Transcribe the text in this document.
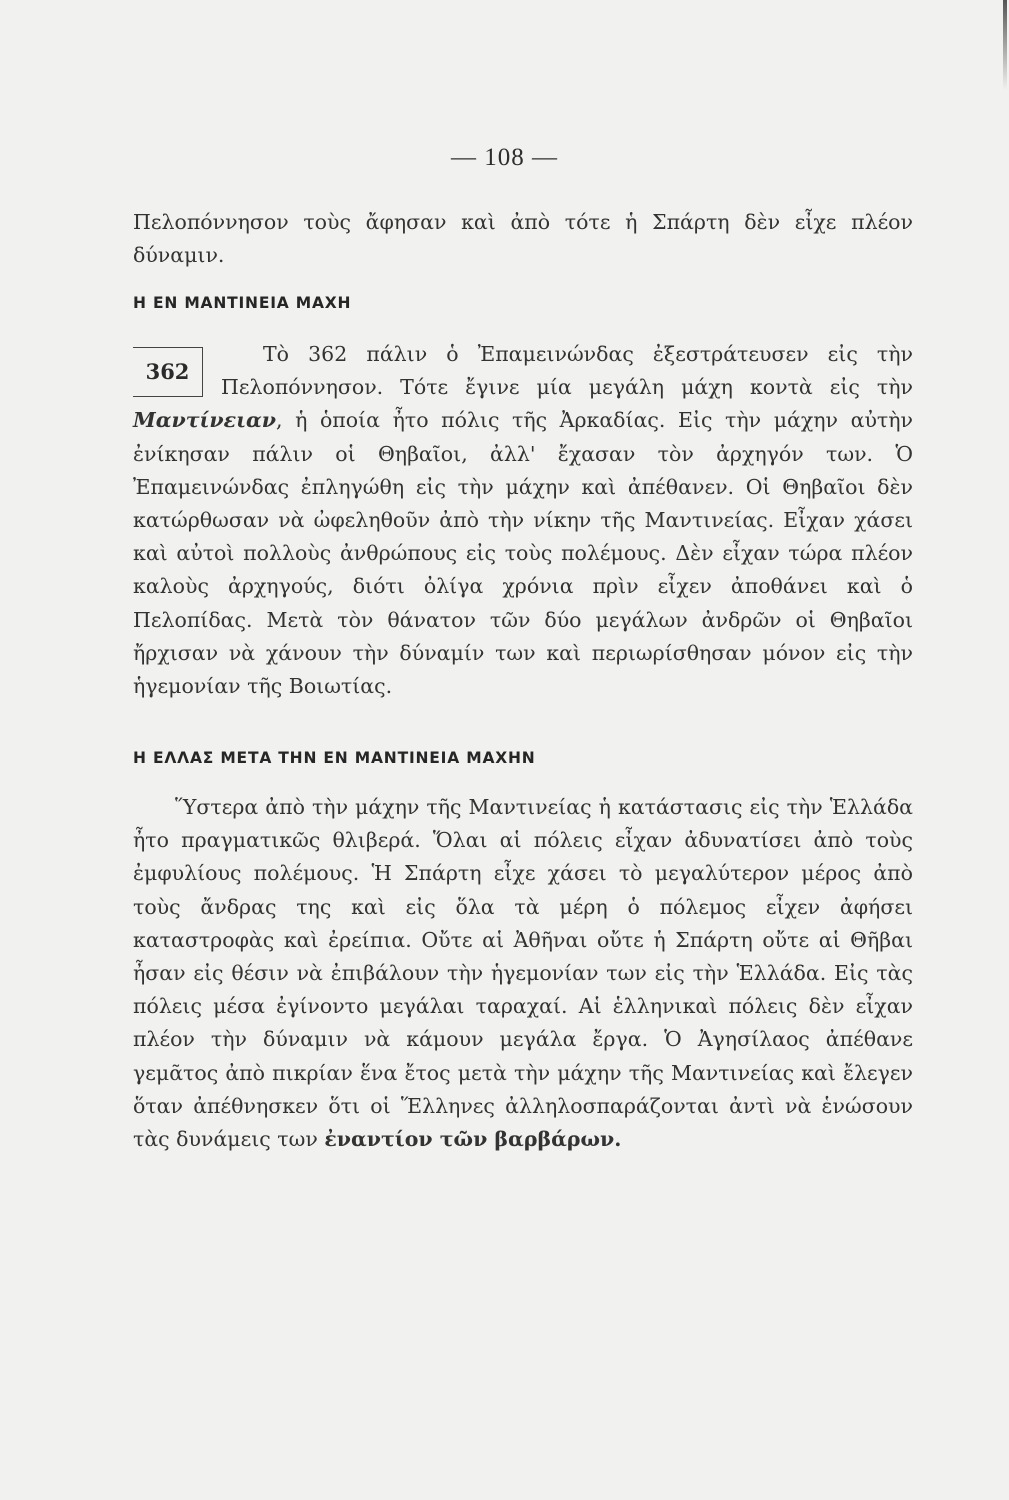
— 108 —

Πελοπόννησον τοὺς ἄφησαν καὶ ἀπὸ τότε ἡ Σπάρτη δὲν εἶχε πλέον δύναμιν.

Η ΕΝ ΜΑΝΤΙΝΕΙΑ ΜΑΧΗ

362
Τὸ 362 πάλιν ὁ Ἐπαμεινώνδας ἐξεστράτευσεν εἰς τὴν Πελοπόννησον. Τότε ἔγινε μία μεγάλη μάχη κοντὰ εἰς τὴν Μαντίνειαν, ἡ ὁποία ἦτο πόλις τῆς Ἀρκαδίας. Εἰς τὴν μάχην αὐτὴν ἐνίκησαν πάλιν οἱ Θηβαῖοι, ἀλλ' ἔχασαν τὸν ἀρχηγόν των. Ὁ Ἐπαμεινώνδας ἐπληγώθη εἰς τὴν μάχην καὶ ἀπέθανεν. Οἱ Θηβαῖοι δὲν κατώρθωσαν νὰ ὠφεληθοῦν ἀπὸ τὴν νίκην τῆς Μαντινείας. Εἶχαν χάσει καὶ αὐτοὶ πολλοὺς ἀνθρώπους εἰς τοὺς πολέμους. Δὲν εἶχαν τώρα πλέον καλοὺς ἀρχηγούς, διότι ὀλίγα χρόνια πρὶν εἶχεν ἀποθάνει καὶ ὁ Πελοπίδας. Μετὰ τὸν θάνατον τῶν δύο μεγάλων ἀνδρῶν οἱ Θηβαῖοι ἤρχισαν νὰ χάνουν τὴν δύναμίν των καὶ περιωρίσθησαν μόνον εἰς τὴν ἡγεμονίαν τῆς Βοιωτίας.

Η ΕΛΛΑΣ ΜΕΤΑ ΤΗΝ ΕΝ ΜΑΝΤΙΝΕΙΑ ΜΑΧΗΝ

Ὕστερα ἀπὸ τὴν μάχην τῆς Μαντινείας ἡ κατάστασις εἰς τὴν Ἑλλάδα ἦτο πραγματικῶς θλιβερά. Ὅλαι αἱ πόλεις εἶχαν ἀδυνατίσει ἀπὸ τοὺς ἐμφυλίους πολέμους. Ἡ Σπάρτη εἶχε χάσει τὸ μεγαλύτερον μέρος ἀπὸ τοὺς ἄνδρας της καὶ εἰς ὅλα τὰ μέρη ὁ πόλεμος εἶχεν ἀφήσει καταστροφὰς καὶ ἐρείπια. Οὔτε αἱ Ἀθῆναι οὔτε ἡ Σπάρτη οὔτε αἱ Θῆβαι ἦσαν εἰς θέσιν νὰ ἐπιβάλουν τὴν ἡγεμονίαν των εἰς τὴν Ἑλλάδα. Εἰς τὰς πόλεις μέσα ἐγίνοντο μεγάλαι ταραχαί. Αἱ ἑλληνικαὶ πόλεις δὲν εἶχαν πλέον τὴν δύναμιν νὰ κάμουν μεγάλα ἔργα. Ὁ Ἀγησίλαος ἀπέθανε γεμᾶτος ἀπὸ πικρίαν ἕνα ἔτος μετὰ τὴν μάχην τῆς Μαντινείας καὶ ἔλεγεν ὅταν ἀπέθνησκεν ὅτι οἱ Ἕλληνες ἀλληλοσπαράζονται ἀντὶ νὰ ἑνώσουν τὰς δυνάμεις των ἐναντίον τῶν βαρβάρων.
